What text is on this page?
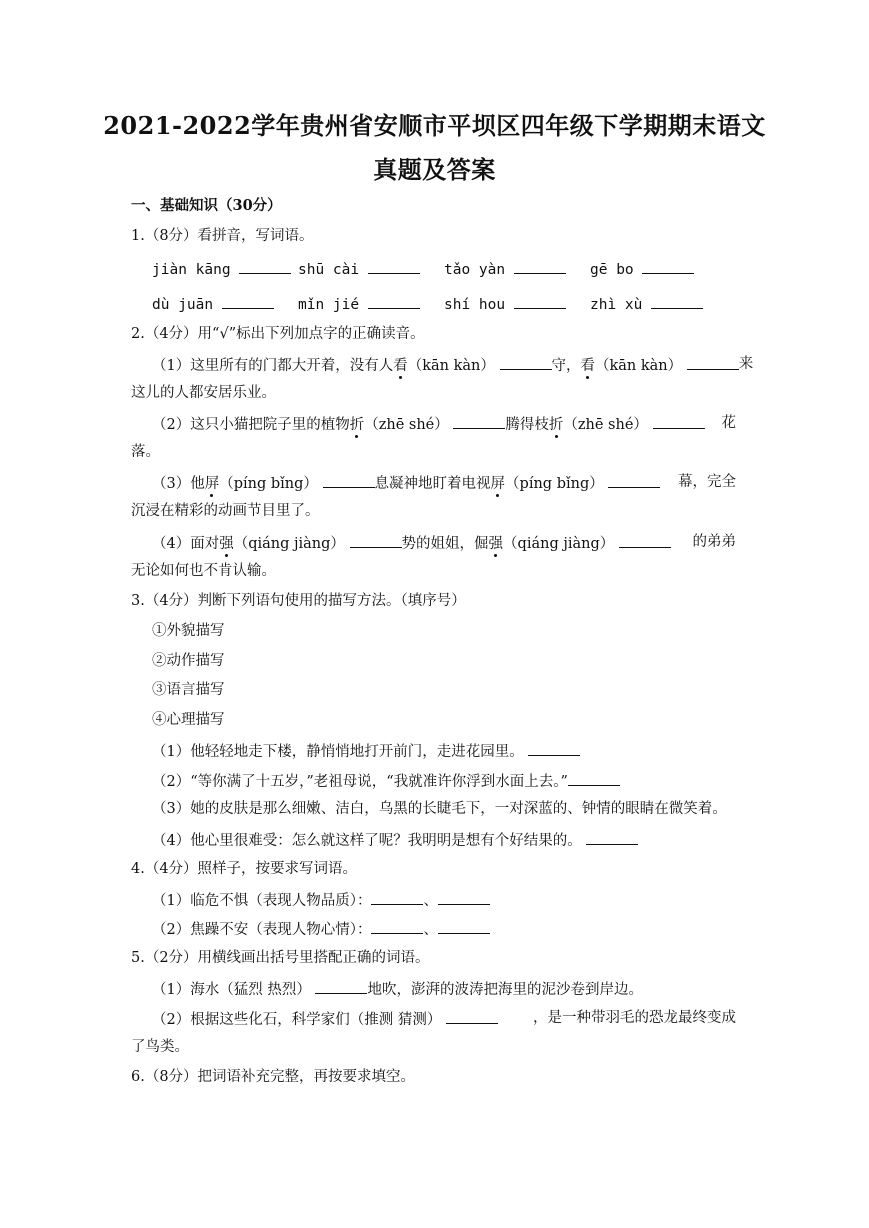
2021-2022学年贵州省安顺市平坝区四年级下学期期末语文
真题及答案
一、基础知识（30分）
1.（8分）看拼音，写词语。
jiàn kāng	shū cài	tǎo yàn	gē bo
dù juān	mǐn jié	shí hou	zhì xù
2.（4分）用“√”标出下列加点字的正确读音。
（1）这里所有的门都大开着，没有人看（kān kàn）	守，看（kān kàn）	来
这儿的人都安居乐业。
（2）这只小猫把院子里的植物折（zhē shé）	腾得枝折（zhē shé）	花
落。
（3）他屏（píng bǐng）	息凝神地盯着电视屏（píng bǐng）	幕，完全
沉浸在精彩的动画节目里了。
（4）面对强（qiáng jiàng）	势的姐姐，倔强（qiáng jiàng）	的弟弟
无论如何也不肯认输。
3.（4分）判断下列语句使用的描写方法。（填序号）
①外貌描写
②动作描写
③语言描写
④心理描写
（1）他轻轻地走下楼，静悄悄地打开前门，走进花园里。
（2）“等你满了十五岁，”老祖母说，“我就准许你浮到水面上去。”
（3）她的皮肤是那么细嫩、洁白，乌黑的长睫毛下，一对深蓝的、钟情的眼睛在微笑着。
（4）他心里很难受：怎么就这样了呢？我明明是想有个好结果的。
4.（4分）照样子，按要求写词语。
（1）临危不惧（表现人物品质）：	、
（2）焦躁不安（表现人物心情）：	、
5.（2分）用横线画出括号里搭配正确的词语。
（1）海水（猛烈 热烈）	地吹，澎湃的波涛把海里的泥沙卷到岸边。
（2）根据这些化石，科学家们（推测 猜测）	，是一种带羽毛的恐龙最终变成
了鸟类。
6.（8分）把词语补充完整，再按要求填空。
